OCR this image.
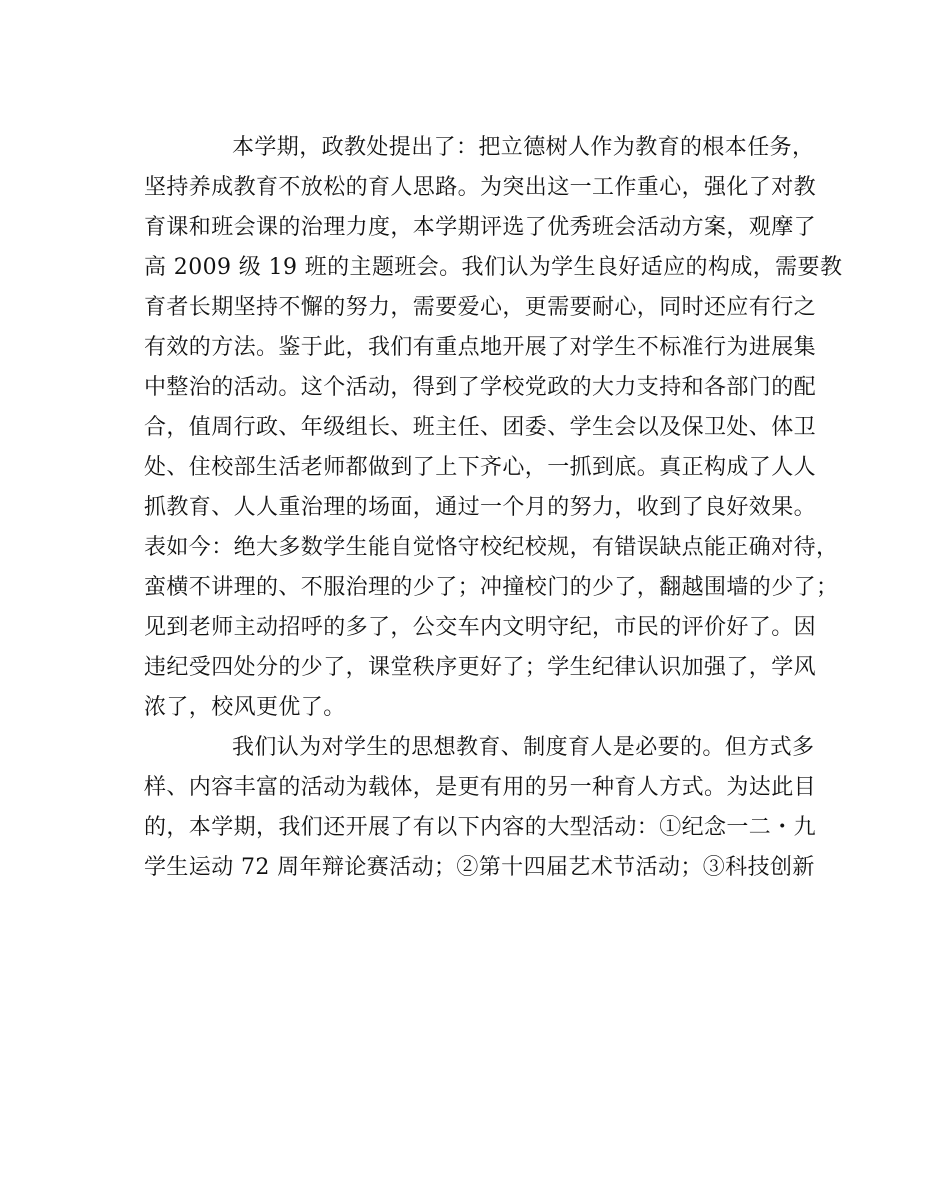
本学期，政教处提出了：把立德树人作为教育的根本任务，
坚持养成教育不放松的育人思路。为突出这一工作重心，强化了对教
育课和班会课的治理力度，本学期评选了优秀班会活动方案，观摩了
高 2009 级 19 班的主题班会。我们认为学生良好适应的构成，需要教
育者长期坚持不懈的努力，需要爱心，更需要耐心，同时还应有行之
有效的方法。鉴于此，我们有重点地开展了对学生不标准行为进展集
中整治的活动。这个活动，得到了学校党政的大力支持和各部门的配
合，值周行政、年级组长、班主任、团委、学生会以及保卫处、体卫
处、住校部生活老师都做到了上下齐心，一抓到底。真正构成了人人
抓教育、人人重治理的场面，通过一个月的努力，收到了良好效果。
表如今：绝大多数学生能自觉恪守校纪校规，有错误缺点能正确对待，
蛮横不讲理的、不服治理的少了；冲撞校门的少了，翻越围墙的少了；
见到老师主动招呼的多了，公交车内文明守纪，市民的评价好了。因
违纪受四处分的少了，课堂秩序更好了；学生纪律认识加强了，学风
浓了，校风更优了。
我们认为对学生的思想教育、制度育人是必要的。但方式多
样、内容丰富的活动为载体，是更有用的另一种育人方式。为达此目
的，本学期，我们还开展了有以下内容的大型活动：①纪念一二・九
学生运动 72 周年辩论赛活动；②第十四届艺术节活动；③科技创新
